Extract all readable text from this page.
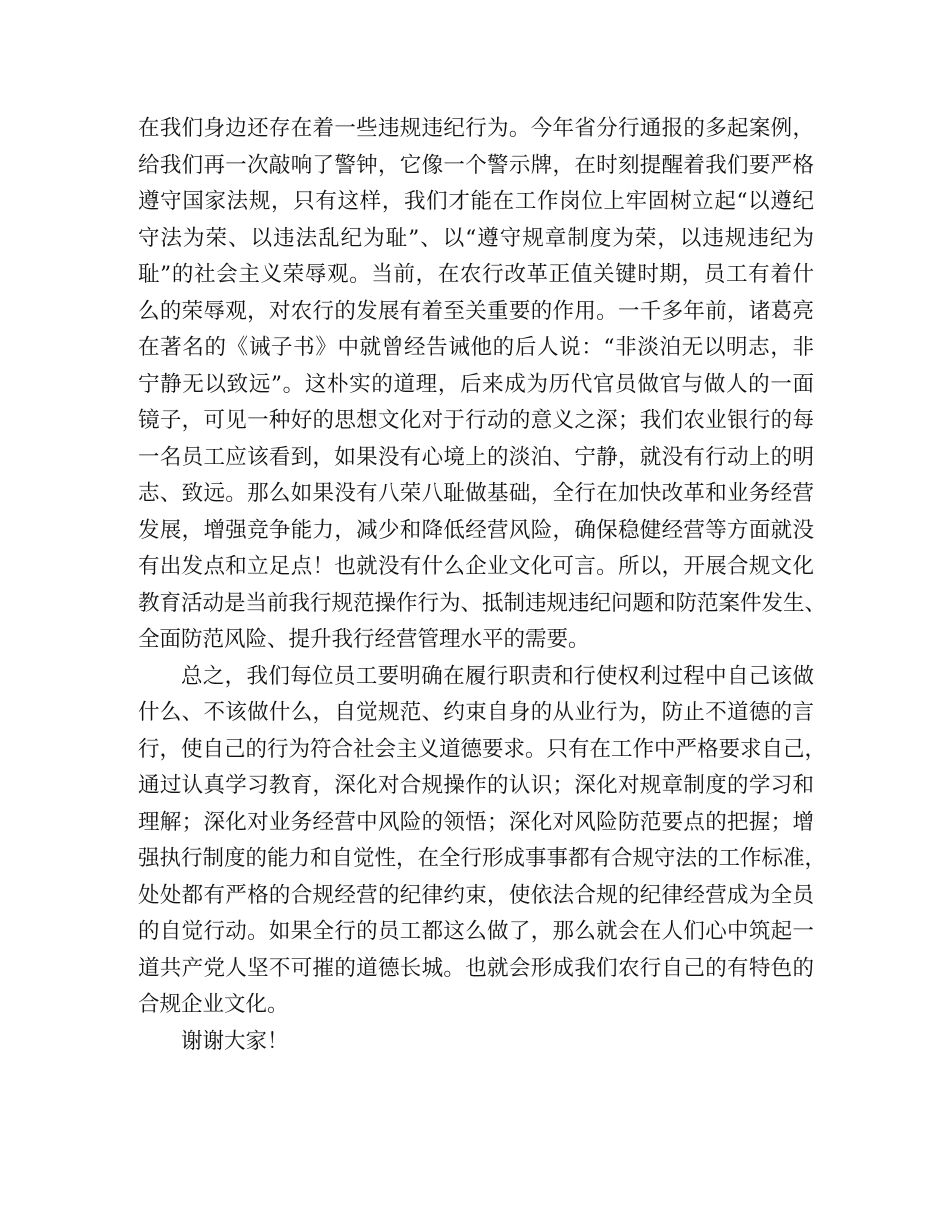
在我们身边还存在着一些违规违纪行为。今年省分行通报的多起案例，
给我们再一次敲响了警钟，它像一个警示牌，在时刻提醒着我们要严格
遵守国家法规，只有这样，我们才能在工作岗位上牢固树立起“以遵纪
守法为荣、以违法乱纪为耻”、以“遵守规章制度为荣，以违规违纪为
耻”的社会主义荣辱观。当前，在农行改革正值关键时期，员工有着什
么的荣辱观，对农行的发展有着至关重要的作用。一千多年前，诸葛亮
在著名的《诫子书》中就曾经告诫他的后人说：“非淡泊无以明志，非
宁静无以致远”。这朴实的道理，后来成为历代官员做官与做人的一面
镜子，可见一种好的思想文化对于行动的意义之深；我们农业银行的每
一名员工应该看到，如果没有心境上的淡泊、宁静，就没有行动上的明
志、致远。那么如果没有八荣八耻做基础，全行在加快改革和业务经营
发展，增强竞争能力，减少和降低经营风险，确保稳健经营等方面就没
有出发点和立足点！也就没有什么企业文化可言。所以，开展合规文化
教育活动是当前我行规范操作行为、抵制违规违纪问题和防范案件发生、
全面防范风险、提升我行经营管理水平的需要。
总之，我们每位员工要明确在履行职责和行使权利过程中自己该做
什么、不该做什么，自觉规范、约束自身的从业行为，防止不道德的言
行，使自己的行为符合社会主义道德要求。只有在工作中严格要求自己，
通过认真学习教育，深化对合规操作的认识；深化对规章制度的学习和
理解；深化对业务经营中风险的领悟；深化对风险防范要点的把握；增
强执行制度的能力和自觉性，在全行形成事事都有合规守法的工作标准，
处处都有严格的合规经营的纪律约束，使依法合规的纪律经营成为全员
的自觉行动。如果全行的员工都这么做了，那么就会在人们心中筑起一
道共产党人坚不可摧的道德长城。也就会形成我们农行自己的有特色的
合规企业文化。
谢谢大家！
